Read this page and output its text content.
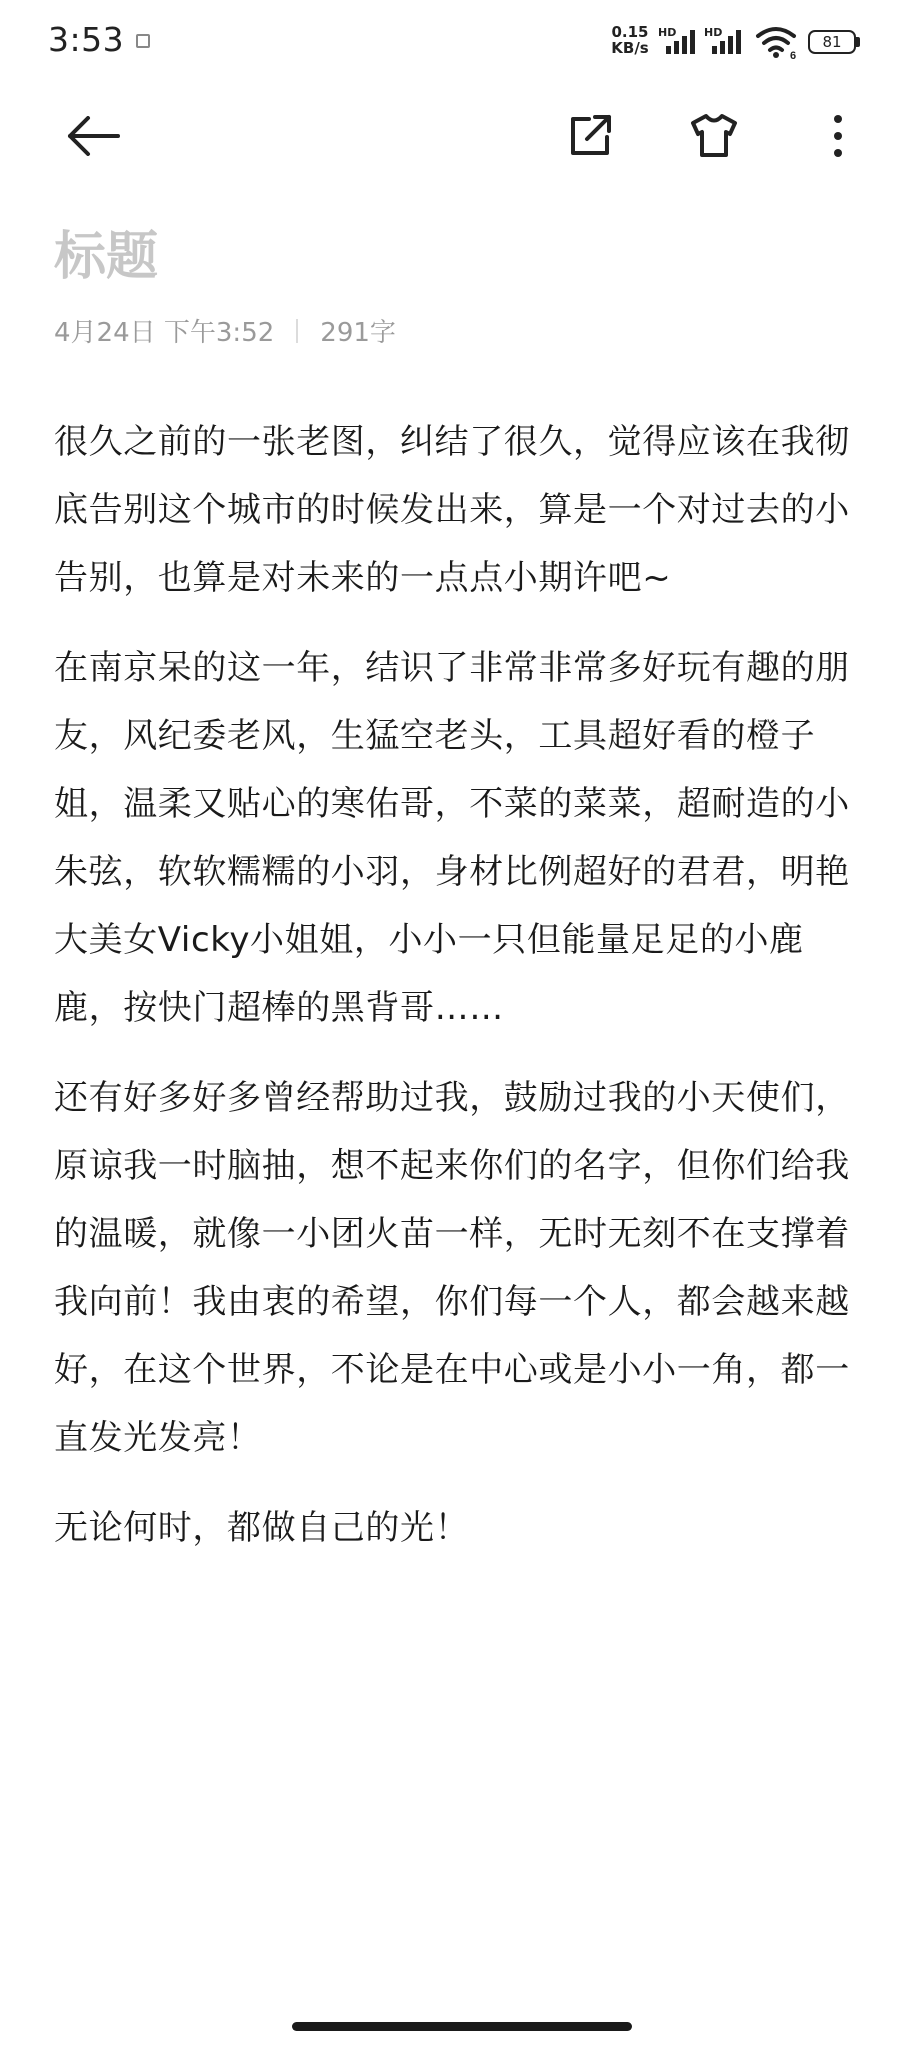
3:53	0.15
KB/s
HD	HD
6
81
标题
4月24日 下午3:52 291字

很久之前的一张老图，纠结了很久，觉得应该在我彻底告别这个城市的时候发出来，算是一个对过去的小告别，也算是对未来的一点点小期许吧~

在南京呆的这一年，结识了非常非常多好玩有趣的朋友，风纪委老风，生猛空老头，工具超好看的橙子姐，温柔又贴心的寒佑哥，不菜的菜菜，超耐造的小朱弦，软软糯糯的小羽，身材比例超好的君君，明艳大美女Vicky小姐姐，小小一只但能量足足的小鹿鹿，按快门超棒的黑背哥……

还有好多好多曾经帮助过我，鼓励过我的小天使们，原谅我一时脑抽，想不起来你们的名字，但你们给我的温暖，就像一小团火苗一样，无时无刻不在支撑着我向前！我由衷的希望，你们每一个人，都会越来越好，在这个世界，不论是在中心或是小小一角，都一直发光发亮！

无论何时，都做自己的光！
